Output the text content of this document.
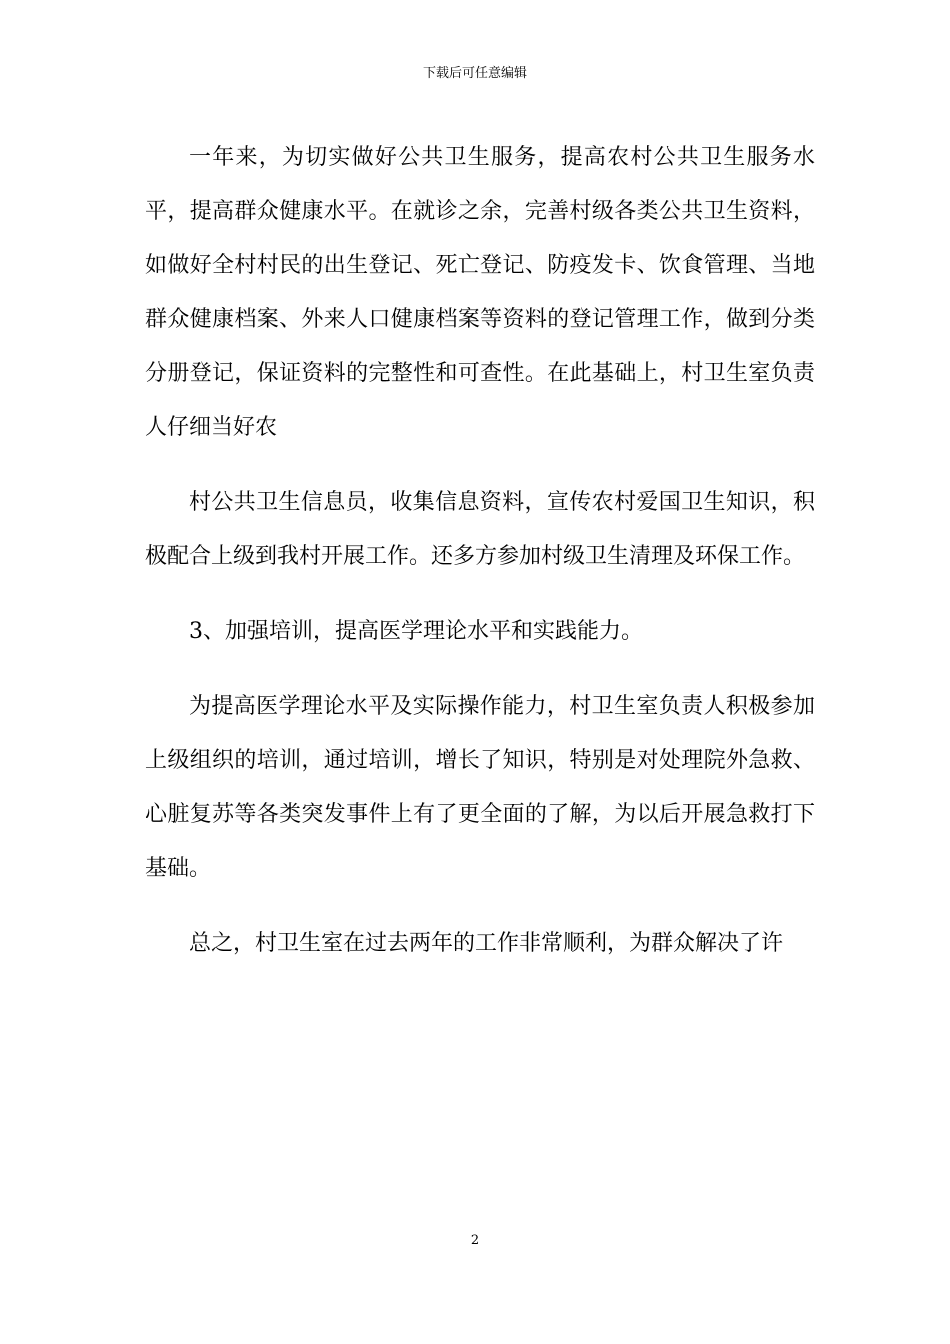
下载后可任意编辑

一年来，为切实做好公共卫生服务，提高农村公共卫生服务水平，提高群众健康水平。在就诊之余，完善村级各类公共卫生资料，如做好全村村民的出生登记、死亡登记、防疫发卡、饮食管理、当地群众健康档案、外来人口健康档案等资料的登记管理工作，做到分类分册登记，保证资料的完整性和可查性。在此基础上，村卫生室负责人仔细当好农

村公共卫生信息员，收集信息资料，宣传农村爱国卫生知识，积极配合上级到我村开展工作。还多方参加村级卫生清理及环保工作。

3、加强培训，提高医学理论水平和实践能力。

为提高医学理论水平及实际操作能力，村卫生室负责人积极参加上级组织的培训，通过培训，增长了知识，特别是对处理院外急救、心脏复苏等各类突发事件上有了更全面的了解，为以后开展急救打下基础。

总之，村卫生室在过去两年的工作非常顺利，为群众解决了许

2
